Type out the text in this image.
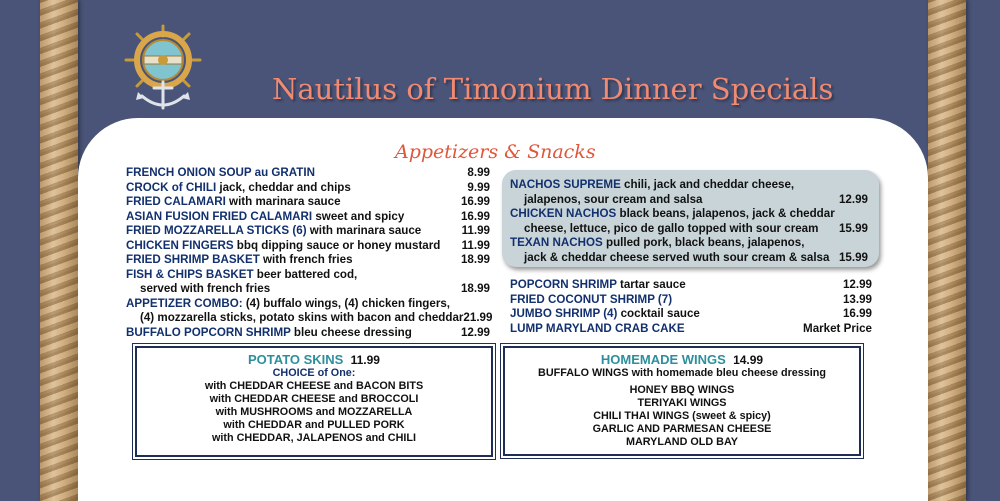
Nautilus of Timonium Dinner Specials
Appetizers & Snacks
FRENCH ONION SOUP au GRATIN	8.99
CROCK of CHILI jack, cheddar and chips	9.99
FRIED CALAMARI with marinara sauce	16.99
ASIAN FUSION FRIED CALAMARI sweet and spicy	16.99
FRIED MOZZARELLA STICKS (6) with marinara sauce	11.99
CHICKEN FINGERS bbq dipping sauce or honey mustard 11.99
FRIED SHRIMP BASKET with french fries	18.99
FISH & CHIPS BASKET beer battered cod,
served with french fries	18.99
APPETIZER COMBO: (4) buffalo wings, (4) chicken fingers,
(4) mozzarella sticks, potato skins with bacon and cheddar 21.99
BUFFALO POPCORN SHRIMP bleu cheese dressing	12.99
NACHOS SUPREME chili, jack and cheddar cheese,
jalapenos, sour cream and salsa	12.99
CHICKEN NACHOS black beans, jalapenos, jack & cheddar
cheese, lettuce, pico de gallo topped with sour cream 15.99
TEXAN NACHOS pulled pork, black beans, jalapenos,
jack & cheddar cheese served wuth sour cream & salsa 15.99
POPCORN SHRIMP tartar sauce	12.99
FRIED COCONUT SHRIMP (7)	13.99
JUMBO SHRIMP (4) cocktail sauce	16.99
LUMP MARYLAND CRAB CAKE	Market Price
POTATO SKINS 11.99
CHOICE of One:
with CHEDDAR CHEESE and BACON BITS
with CHEDDAR CHEESE and BROCCOLI
with MUSHROOMS and MOZZARELLA
with CHEDDAR and PULLED PORK
with CHEDDAR, JALAPENOS and CHILI
HOMEMADE WINGS 14.99
BUFFALO WINGS with homemade bleu cheese dressing
HONEY BBQ WINGS
TERIYAKI WINGS
CHILI THAI WINGS (sweet & spicy)
GARLIC AND PARMESAN CHEESE
MARYLAND OLD BAY
